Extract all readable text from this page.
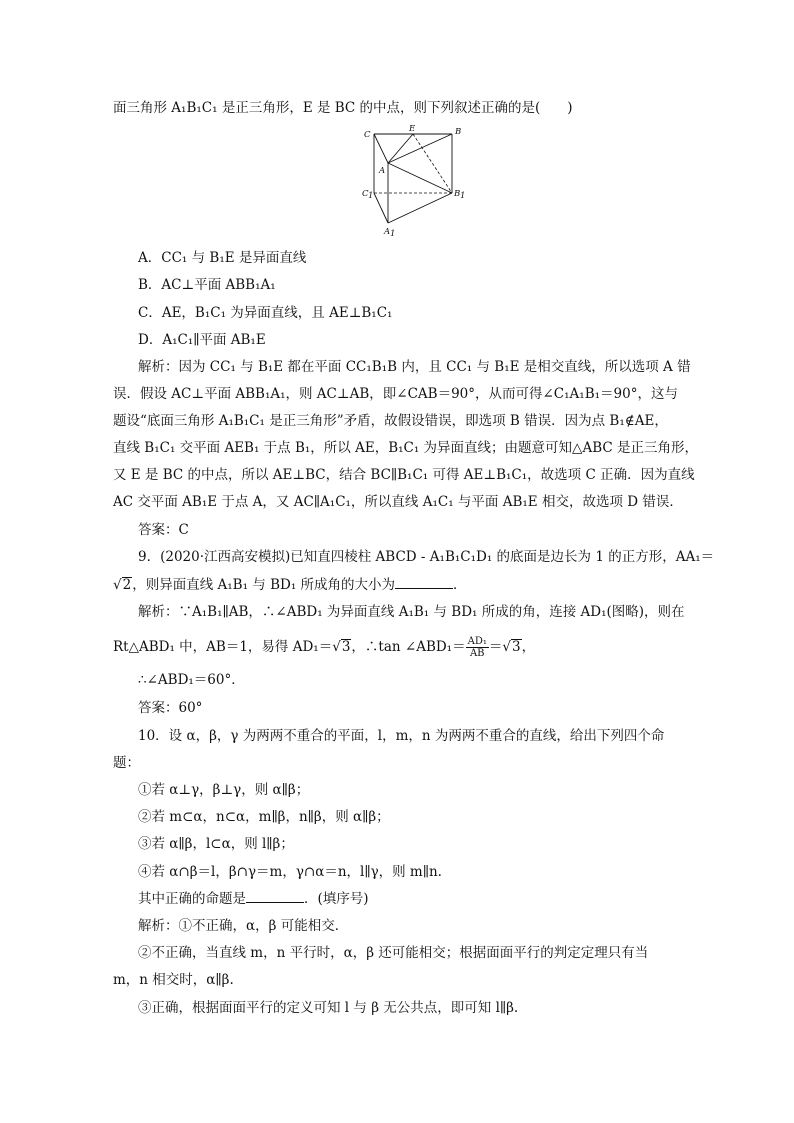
面三角形 A₁B₁C₁ 是正三角形，E 是 BC 的中点，则下列叙述正确的是(　　)
C
E	B
A
C 1	B 1
A 1
A．CC₁ 与 B₁E 是异面直线
B．AC⊥平面 ABB₁A₁
C．AE，B₁C₁ 为异面直线，且 AE⊥B₁C₁
D．A₁C₁∥平面 AB₁E
解析：因为 CC₁ 与 B₁E 都在平面 CC₁B₁B 内，且 CC₁ 与 B₁E 是相交直线，所以选项 A 错
误．假设 AC⊥平面 ABB₁A₁，则 AC⊥AB，即∠CAB＝90°，从而可得∠C₁A₁B₁＝90°，这与
题设“底面三角形 A₁B₁C₁ 是正三角形”矛盾，故假设错误，即选项 B 错误．因为点 B₁∉AE，
直线 B₁C₁ 交平面 AEB₁ 于点 B₁，所以 AE，B₁C₁ 为异面直线；由题意可知△ABC 是正三角形，
又 E 是 BC 的中点，所以 AE⊥BC，结合 BC∥B₁C₁ 可得 AE⊥B₁C₁，故选项 C 正确．因为直线
AC 交平面 AB₁E 于点 A，又 AC∥A₁C₁，所以直线 A₁C₁ 与平面 AB₁E 相交，故选项 D 错误．
答案：C
9．(2020·江西高安模拟)已知直四棱柱 ABCD - A₁B₁C₁D₁ 的底面是边长为 1 的正方形，AA₁＝
√2，则异面直线 A₁B₁ 与 BD₁ 所成角的大小为	．
解析：∵A₁B₁∥AB，∴∠ABD₁ 为异面直线 A₁B₁ 与 BD₁ 所成的角，连接 AD₁(图略)，则在
Rt△ABD₁ 中，AB＝1，易得 AD₁＝√3，∴tan ∠ABD₁＝ $\frac{\text{AD₁}}{AB} =√3$，
∴∠ABD₁＝60°．
答案：60°
10．设 α，β，γ 为两两不重合的平面，l，m，n 为两两不重合的直线，给出下列四个命
题：
①若 α⊥γ，β⊥γ，则 α∥β；
②若 m⊂α，n⊂α，m∥β，n∥β，则 α∥β；
③若 α∥β，l⊂α，则 l∥β；
④若 α∩β＝l，β∩γ＝m，γ∩α＝n，l∥γ，则 m∥n.
其中正确的命题是	．(填序号)
解析：①不正确，α，β 可能相交．
②不正确，当直线 m，n 平行时，α，β 还可能相交；根据面面平行的判定定理只有当
m，n 相交时，α∥β.
③正确，根据面面平行的定义可知 l 与 β 无公共点，即可知 l∥β.
